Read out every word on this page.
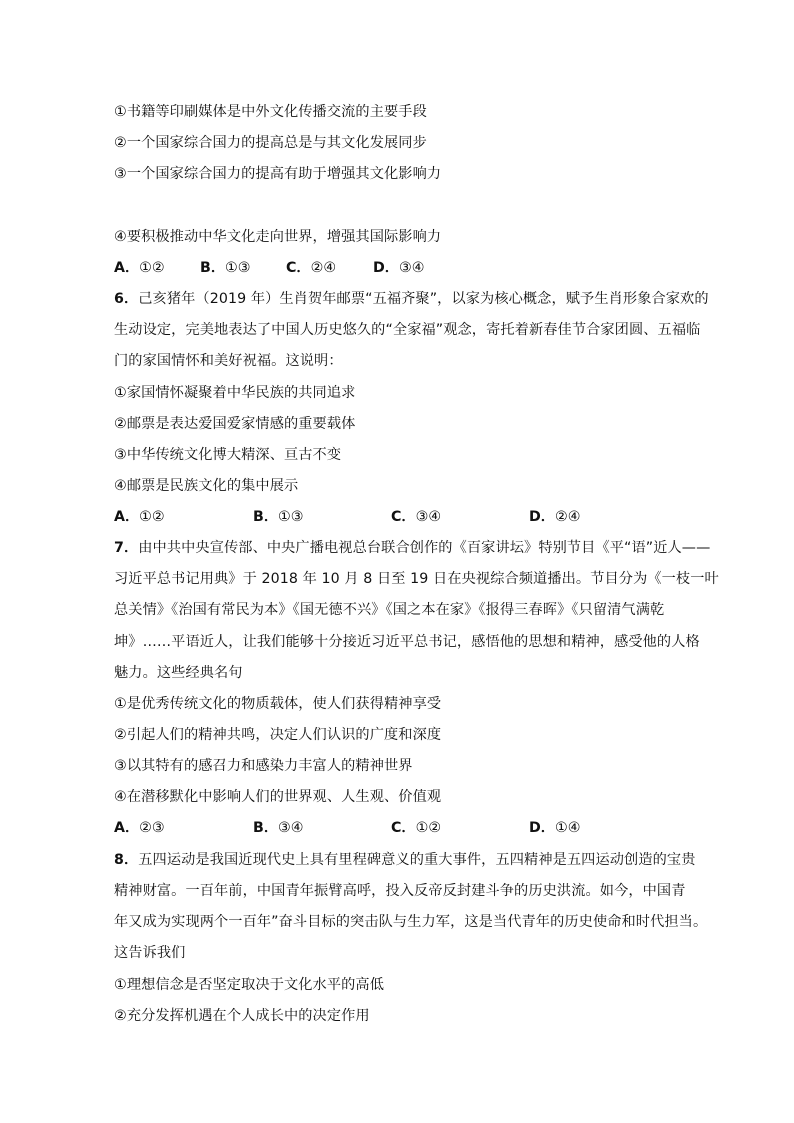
①书籍等印刷媒体是中外文化传播交流的主要手段
②一个国家综合国力的提高总是与其文化发展同步
③一个国家综合国力的提高有助于增强其文化影响力
④要积极推动中华文化走向世界，增强其国际影响力
A．①② B．①③	C．②④	D．③④
6．己亥猪年（2019 年）生肖贺年邮票“五福齐聚”，以家为核心概念，赋予生肖形象合家欢的
生动设定，完美地表达了中国人历史悠久的“全家福”观念，寄托着新春佳节合家团圆、五福临
门的家国情怀和美好祝福。这说明：
①家国情怀凝聚着中华民族的共同追求
②邮票是表达爱国爱家情感的重要载体
③中华传统文化博大精深、亘古不变
④邮票是民族文化的集中展示
A．①②	B．①③	C．③④	D．②④
7．由中共中央宣传部、中央广播电视总台联合创作的《百家讲坛》特别节目《平“语”近人——
习近平总书记用典》于 2018 年 10 月 8 日至 19 日在央视综合频道播出。节目分为《一枝一叶
总关情》《治国有常民为本》《国无德不兴》《国之本在家》《报得三春晖》《只留清气满乾
坤》……平语近人，让我们能够十分接近习近平总书记，感悟他的思想和精神，感受他的人格
魅力。这些经典名句
①是优秀传统文化的物质载体，使人们获得精神享受
②引起人们的精神共鸣，决定人们认识的广度和深度
③以其特有的感召力和感染力丰富人的精神世界
④在潜移默化中影响人们的世界观、人生观、价值观
A．②③	B．③④	C．①②	D．①④
8．五四运动是我国近现代史上具有里程碑意义的重大事件，五四精神是五四运动创造的宝贵
精神财富。一百年前，中国青年振臂高呼，投入反帝反封建斗争的历史洪流。如今，中国青
年又成为实现两个一百年”奋斗目标的突击队与生力军，这是当代青年的历史使命和时代担当。
这告诉我们
①理想信念是否坚定取决于文化水平的高低
②充分发挥机遇在个人成长中的决定作用
